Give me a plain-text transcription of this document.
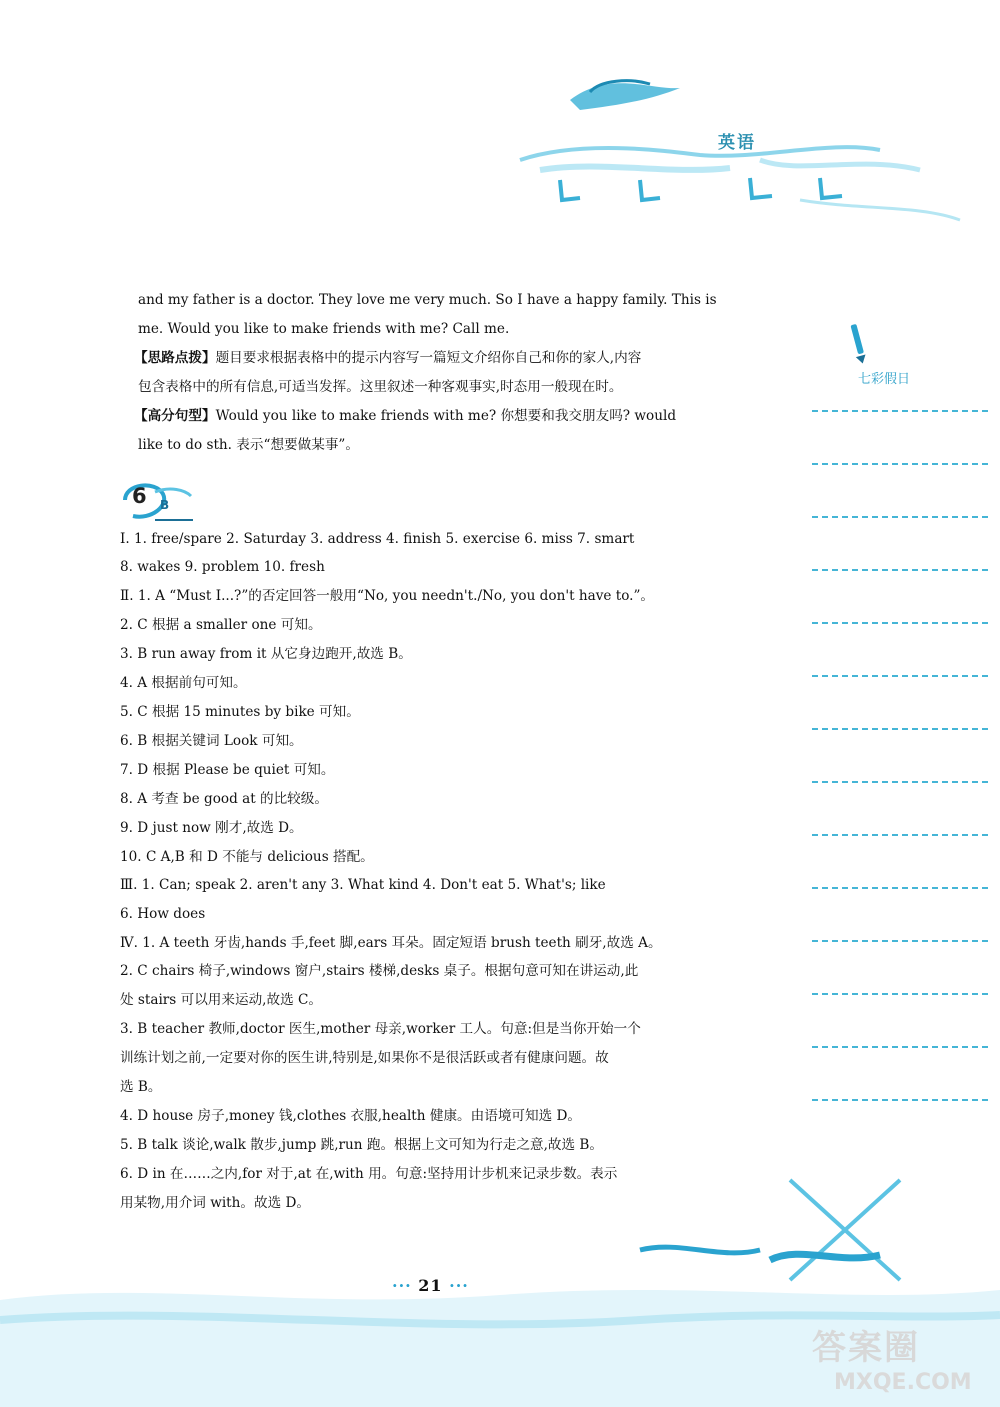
英语
七彩假日
and my father is a doctor. They love me very much. So I have a happy family. This is
me. Would you like to make friends with me? Call me.
【思路点拨】题目要求根据表格中的提示内容写一篇短文介绍你自己和你的家人,内容
包含表格中的所有信息,可适当发挥。这里叙述一种客观事实,时态用一般现在时。
【高分句型】Would you like to make friends with me? 你想要和我交朋友吗? would
like to do sth. 表示“想要做某事”。
6 B
Ⅰ. 1. free/spare 2. Saturday 3. address 4. finish 5. exercise 6. miss 7. smart
8. wakes 9. problem 10. fresh
Ⅱ. 1. A “Must I...?”的否定回答一般用“No, you needn't./No, you don't have to.”。
2. C 根据 a smaller one 可知。
3. B run away from it 从它身边跑开,故选 B。
4. A 根据前句可知。
5. C 根据 15 minutes by bike 可知。
6. B 根据关键词 Look 可知。
7. D 根据 Please be quiet 可知。
8. A 考查 be good at 的比较级。
9. D just now 刚才,故选 D。
10. C A,B 和 D 不能与 delicious 搭配。
Ⅲ. 1. Can; speak 2. aren't any 3. What kind 4. Don't eat 5. What's; like
6. How does
Ⅳ. 1. A teeth 牙齿,hands 手,feet 脚,ears 耳朵。固定短语 brush teeth 刷牙,故选 A。
2. C chairs 椅子,windows 窗户,stairs 楼梯,desks 桌子。根据句意可知在讲运动,此
处 stairs 可以用来运动,故选 C。
3. B teacher 教师,doctor 医生,mother 母亲,worker 工人。句意:但是当你开始一个
训练计划之前,一定要对你的医生讲,特别是,如果你不是很活跃或者有健康问题。故
选 B。
4. D house 房子,money 钱,clothes 衣服,health 健康。由语境可知选 D。
5. B talk 谈论,walk 散步,jump 跳,run 跑。根据上文可知为行走之意,故选 B。
6. D in 在……之内,for 对于,at 在,with 用。句意:坚持用计步机来记录步数。表示
用某物,用介词 with。故选 D。
··· 21 ···
答案圈
MXQE.COM
